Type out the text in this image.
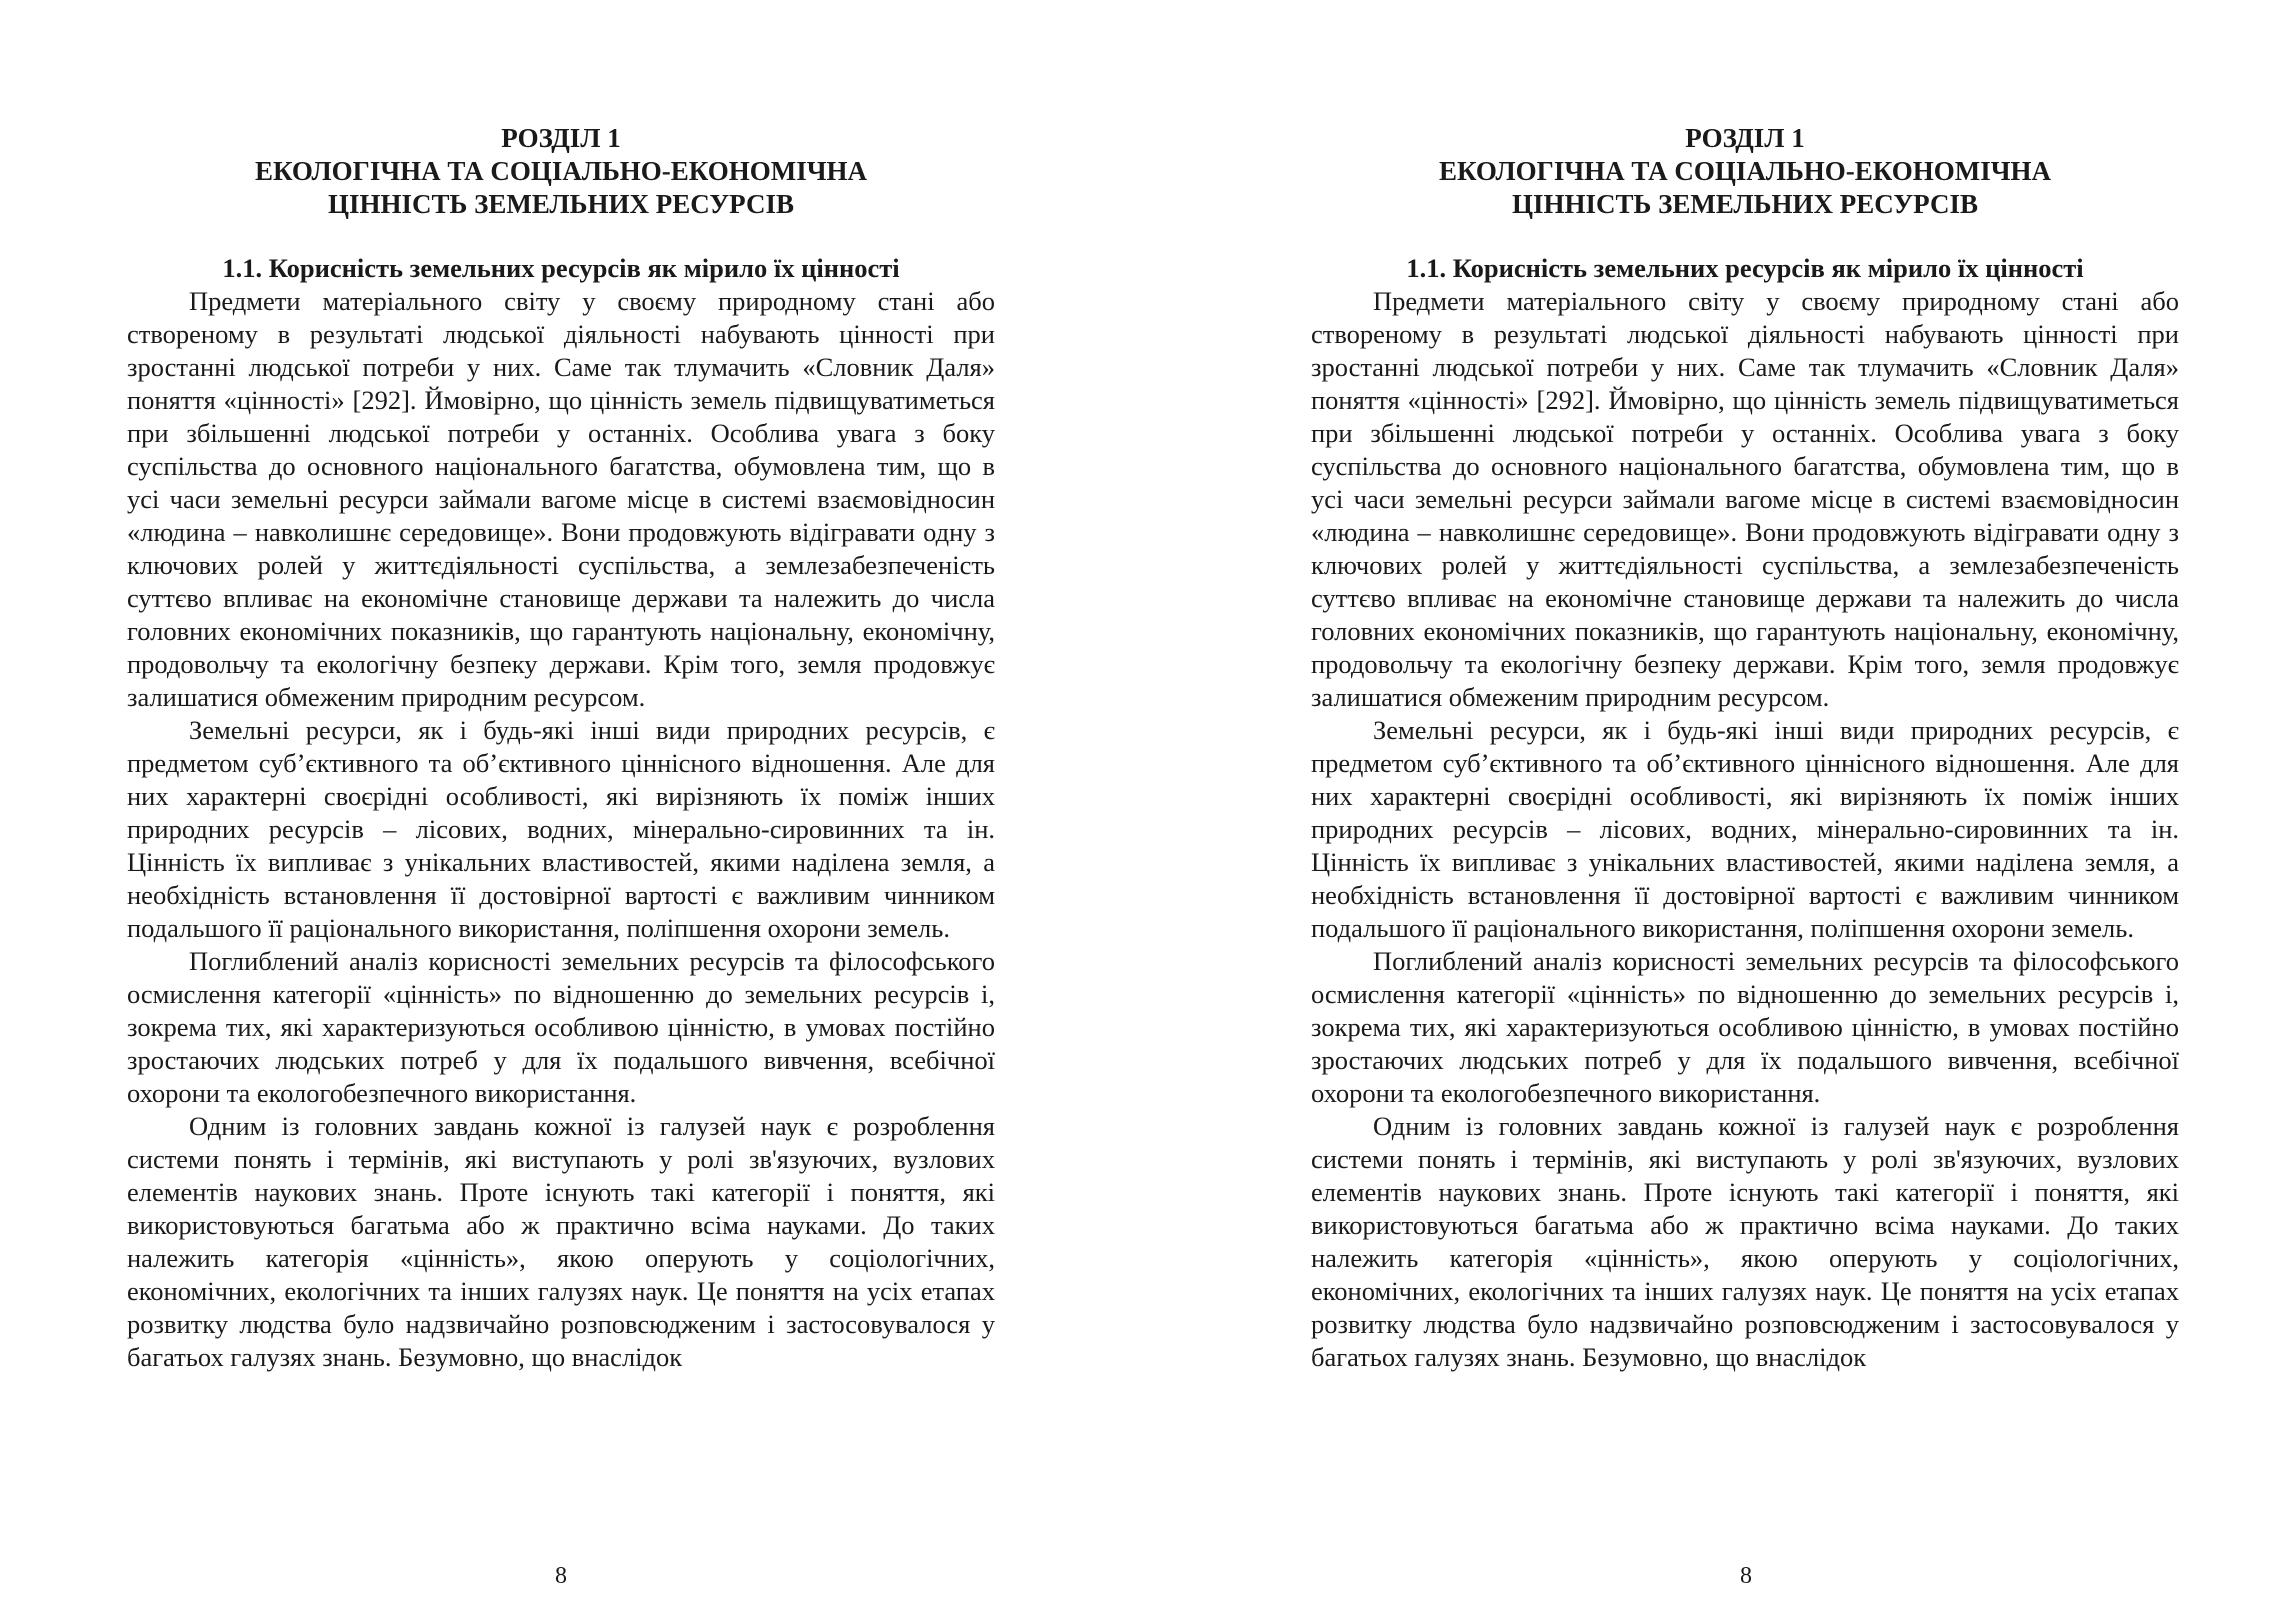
РОЗДІЛ 1

ЕКОЛОГІЧНА ТА СОЦІАЛЬНО-ЕКОНОМІЧНА

ЦІННІСТЬ ЗЕМЕЛЬНИХ РЕСУРСІВ

1.1. Корисність земельних ресурсів як мірило їх цінності

Предмети матеріального світу у своєму природному стані або створеному в результаті людської діяльності набувають цінності при зростанні людської потреби у них. Саме так тлумачить «Словник Даля» поняття «цінності» [292]. Ймовірно, що цінність земель підвищуватиметься при збільшенні людської потреби у останніх. Особлива увага з боку суспільства до основного національного багатства, обумовлена тим, що в усі часи земельні ресурси займали вагоме місце в системі взаємовідносин «людина – навколишнє середовище». Вони продовжують відігравати одну з ключових ролей у життєдіяльності суспільства, а землезабезпеченість суттєво впливає на економічне становище держави та належить до числа головних економічних показників, що гарантують національну, економічну, продовольчу та екологічну безпеку держави. Крім того, земля продовжує залишатися обмеженим природним ресурсом.

Земельні ресурси, як і будь-які інші види природних ресурсів, є предметом суб’єктивного та об’єктивного ціннісного відношення. Але для них характерні своєрідні особливості, які вирізняють їх поміж інших природних ресурсів – лісових, водних, мінерально-сировинних та ін. Цінність їх випливає з унікальних властивостей, якими наділена земля, а необхідність встановлення її достовірної вартості є важливим чинником подальшого її раціонального використання, поліпшення охорони земель.

Поглиблений аналіз корисності земельних ресурсів та філософського осмислення категорії «цінність» по відношенню до земельних ресурсів і, зокрема тих, які характеризуються особливою цінністю, в умовах постійно зростаючих людських потреб у для їх подальшого вивчення, всебічної охорони та екологобезпечного використання.

Одним із головних завдань кожної із галузей наук є розроблення системи понять і термінів, які виступають у ролі зв'язуючих, вузлових елементів наукових знань. Проте існують такі категорії і поняття, які використовуються багатьма або ж практично всіма науками. До таких належить категорія «цінність», якою оперують у соціологічних, економічних, екологічних та інших галузях наук. Це поняття на усіх етапах розвитку людства було надзвичайно розповсюдженим і застосовувалося у багатьох галузях знань. Безумовно, що внаслідок

8

РОЗДІЛ 1

ЕКОЛОГІЧНА ТА СОЦІАЛЬНО-ЕКОНОМІЧНА

ЦІННІСТЬ ЗЕМЕЛЬНИХ РЕСУРСІВ

1.1. Корисність земельних ресурсів як мірило їх цінності

Предмети матеріального світу у своєму природному стані або створеному в результаті людської діяльності набувають цінності при зростанні людської потреби у них. Саме так тлумачить «Словник Даля» поняття «цінності» [292]. Ймовірно, що цінність земель підвищуватиметься при збільшенні людської потреби у останніх. Особлива увага з боку суспільства до основного національного багатства, обумовлена тим, що в усі часи земельні ресурси займали вагоме місце в системі взаємовідносин «людина – навколишнє середовище». Вони продовжують відігравати одну з ключових ролей у життєдіяльності суспільства, а землезабезпеченість суттєво впливає на економічне становище держави та належить до числа головних економічних показників, що гарантують національну, економічну, продовольчу та екологічну безпеку держави. Крім того, земля продовжує залишатися обмеженим природним ресурсом.

Земельні ресурси, як і будь-які інші види природних ресурсів, є предметом суб’єктивного та об’єктивного ціннісного відношення. Але для них характерні своєрідні особливості, які вирізняють їх поміж інших природних ресурсів – лісових, водних, мінерально-сировинних та ін. Цінність їх випливає з унікальних властивостей, якими наділена земля, а необхідність встановлення її достовірної вартості є важливим чинником подальшого її раціонального використання, поліпшення охорони земель.

Поглиблений аналіз корисності земельних ресурсів та філософського осмислення категорії «цінність» по відношенню до земельних ресурсів і, зокрема тих, які характеризуються особливою цінністю, в умовах постійно зростаючих людських потреб у для їх подальшого вивчення, всебічної охорони та екологобезпечного використання.

Одним із головних завдань кожної із галузей наук є розроблення системи понять і термінів, які виступають у ролі зв'язуючих, вузлових елементів наукових знань. Проте існують такі категорії і поняття, які використовуються багатьма або ж практично всіма науками. До таких належить категорія «цінність», якою оперують у соціологічних, економічних, екологічних та інших галузях наук. Це поняття на усіх етапах розвитку людства було надзвичайно розповсюдженим і застосовувалося у багатьох галузях знань. Безумовно, що внаслідок

8
